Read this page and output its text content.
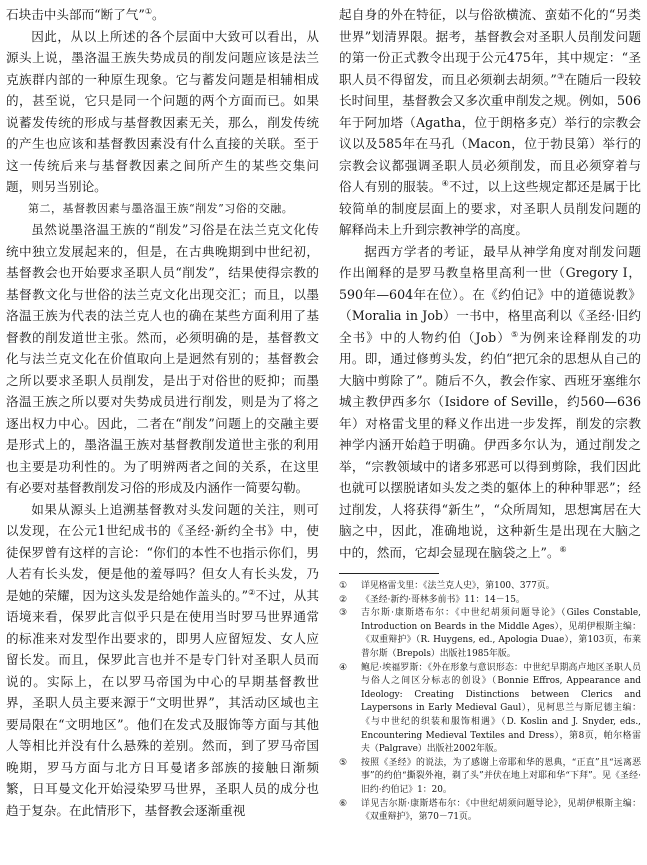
石块击中头部而“断了气”①。

因此，从以上所述的各个层面中大致可以看出，从源头上说，墨洛温王族失势成员的削发问题应该是法兰克族群内部的一种原生现象。它与蓄发问题是相辅相成的，甚至说，它只是同一个问题的两个方面而已。如果说蓄发传统的形成与基督教因素无关，那么，削发传统的产生也应该和基督教因素没有什么直接的关联。至于这一传统后来与基督教因素之间所产生的某些交集问题，则另当别论。

第二，基督教因素与墨洛温王族“削发”习俗的交融。

虽然说墨洛温王族的“削发”习俗是在法兰克文化传统中独立发展起来的，但是，在古典晚期到中世纪初，基督教会也开始要求圣职人员“削发”，结果使得宗教的基督教文化与世俗的法兰克文化出现交汇；而且，以墨洛温王族为代表的法兰克人也的确在某些方面利用了基督教的削发道世主张。然而，必须明确的是，基督教文化与法兰克文化在价值取向上是迥然有别的；基督教会之所以要求圣职人员削发，是出于对俗世的贬抑；而墨洛温王族之所以要对失势成员进行削发，则是为了将之逐出权力中心。因此，二者在“削发”问题上的交融主要是形式上的，墨洛温王族对基督教削发道世主张的利用也主要是功利性的。为了明辨两者之间的关系，在这里有必要对基督教削发习俗的形成及内涵作一简要勾勒。

如果从源头上追溯基督教对头发问题的关注，则可以发现，在公元1世纪成书的《圣经·新约全书》中，使徒保罗曾有这样的言论：“你们的本性不也指示你们，男人若有长头发，便是他的羞辱吗？但女人有长头发，乃是她的荣耀，因为这头发是给她作盖头的。”②不过，从其语境来看，保罗此言似乎只是在使用当时罗马世界通常的标准来对发型作出要求的，即男人应留短发、女人应留长发。而且，保罗此言也并不是专门针对圣职人员而说的。实际上，在以罗马帝国为中心的早期基督教世界，圣职人员主要来源于“文明世界”，其活动区域也主要局限在“文明地区”。他们在发式及服饰等方面与其他人等相比并没有什么悬殊的差别。然而，到了罗马帝国晚期，罗马方面与北方日耳曼诸多部族的接触日渐频繁，日耳曼文化开始浸染罗马世界，圣职人员的成分也趋于复杂。在此情形下，基督教会逐渐重视

起自身的外在特征，以与俗欲横流、蛮茹不化的“另类世界”划清界限。据考，基督教会对圣职人员削发问题的第一份正式教令出现于公元475年，其中规定：“圣职人员不得留发，而且必须剃去胡须。”③在随后一段较长时间里，基督教会又多次重申削发之规。例如，506年于阿加塔（Agatha，位于朗格多克）举行的宗教会议以及585年在马孔（Macon，位于勃艮第）举行的宗教会议都强调圣职人员必须削发，而且必须穿着与俗人有别的服装。④不过，以上这些规定都还是属于比较简单的制度层面上的要求，对圣职人员削发问题的解释尚未上升到宗教神学的高度。

据西方学者的考证，最早从神学角度对削发问题作出阐释的是罗马教皇格里高利一世（Gregory I，590年—604年在位）。在《约伯记》中的道德说教》（Moralia in Job）一书中，格里高利以《圣经·旧约全书》中的人物约伯（Job）⑤为例来诠释削发的功用。即，通过修剪头发，约伯“把冗余的思想从自己的大脑中剪除了”。随后不久，教会作家、西班牙塞维尔城主教伊西多尔（Isidore of Seville，约560—636年）对格雷戈里的释义作出进一步发挥，削发的宗教神学内涵开始趋于明确。伊西多尔认为，通过削发之举，“宗教领域中的诸多邪恶可以得到剪除，我们因此也就可以摆脱诸如头发之类的躯体上的种种罪恶”；经过削发，人将获得“新生”，“众所周知，思想寓居在大脑之中，因此，准确地说，这种新生是出现在大脑之中的，然而，它却会显现在脑袋之上”。⑥

① 详见格雷戈里：《法兰克人史》，第100、377页。
② 《圣经·新约·哥林多前书》11：14－15。
③ 吉尔斯·康斯塔布尔：《中世纪胡须问题导论》（Giles Constable, Introduction on Beards in the Middle Ages），见胡伊根斯主编：《双重辩护》（R. Huygens, ed., Apologia Duae），第103页，布莱普尔斯（Brepols）出版社1985年版。
④ 鲍尼·埃福罗斯：《外在形象与意识形态：中世纪早期高卢地区圣职人员与俗人之间区分标志的创设》（Bonnie Effros, Appearance and Ideology: Creating Distinctions between Clerics and Laypersons in Early Medieval Gaul），见柯思兰与斯尼德主编：《与中世纪的织装和服饰相遇》（D. Koslin and J. Snyder, eds., Encountering Medieval Textiles and Dress），第8页，帕尔格雷夫（Palgrave）出版社2002年版。
⑤ 按照《圣经》的说法，为了感谢上帝耶和华的恩典，“正直”且“远离恶事”的约伯“撕裂外袍，剃了头”并伏在地上对耶和华“下拜”。见《圣经·旧约·约伯记》1：20。
⑥ 详见吉尔斯·康斯塔布尔：《中世纪胡须问题导论》，见胡伊根斯主编：《双重辩护》，第70－71页。
